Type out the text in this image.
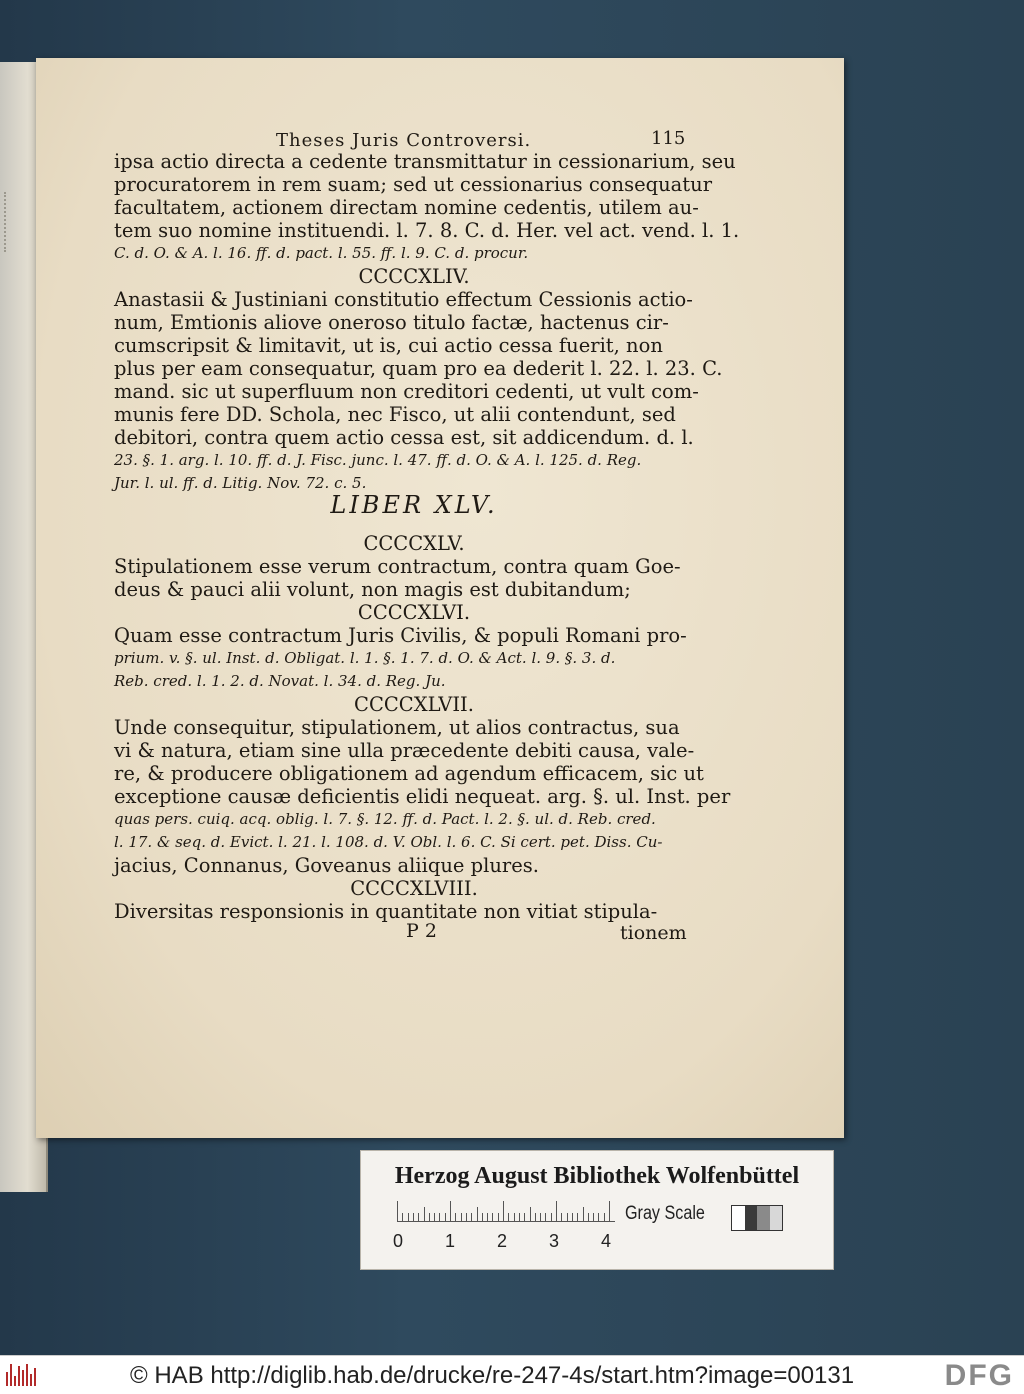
Theses Juris Controversi.	115
ipsa actio directa a cedente transmittatur in cessionarium, seu
procuratorem in rem suam; sed ut cessionarius consequatur
facultatem, actionem directam nomine cedentis, utilem au-
tem suo nomine instituendi. l. 7. 8. C. d. Her. vel act. vend. l. 1.
C. d. O. & A. l. 16. ff. d. pact. l. 55. ff. l. 9. C. d. procur.
CCCCXLIV.
Anastasii & Justiniani constitutio effectum Cessionis actio-
num, Emtionis aliove oneroso titulo factæ, hactenus cir-
cumscripsit & limitavit, ut is, cui actio cessa fuerit, non
plus per eam consequatur, quam pro ea dederit l. 22. l. 23. C.
mand. sic ut superfluum non creditori cedenti, ut vult com-
munis fere DD. Schola, nec Fisco, ut alii contendunt, sed
debitori, contra quem actio cessa est, sit addicendum. d. l.
23. §. 1. arg. l. 10. ff. d. J. Fisc. junc. l. 47. ff. d. O. & A. l. 125. d. Reg.
Jur. l. ul. ff. d. Litig. Nov. 72. c. 5.
LIBER XLV.
CCCCXLV.
Stipulationem esse verum contractum, contra quam Goe-
deus & pauci alii volunt, non magis est dubitandum;
CCCCXLVI.
Quam esse contractum Juris Civilis, & populi Romani pro-
prium. v. §. ul. Inst. d. Obligat. l. 1. §. 1. 7. d. O. & Act. l. 9. §. 3. d.
Reb. cred. l. 1. 2. d. Novat. l. 34. d. Reg. Ju.
CCCCXLVII.
Unde consequitur, stipulationem, ut alios contractus, sua
vi & natura, etiam sine ulla præcedente debiti causa, vale-
re, & producere obligationem ad agendum efficacem, sic ut
exceptione causæ deficientis elidi nequeat. arg. §. ul. Inst. per
quas pers. cuiq. acq. oblig. l. 7. §. 12. ff. d. Pact. l. 2. §. ul. d. Reb. cred.
l. 17. & seq. d. Evict. l. 21. l. 108. d. V. Obl. l. 6. C. Si cert. pet. Diss. Cu-
jacius, Connanus, Goveanus aliique plures.
CCCCXLVIII.
Diversitas responsionis in quantitate non vitiat stipula-
P 2	tionem
Herzog August Bibliothek Wolfenbüttel
0 1 2 3 4
Gray Scale
© HAB http://diglib.hab.de/drucke/re-247-4s/start.htm?image=00131	DFG
